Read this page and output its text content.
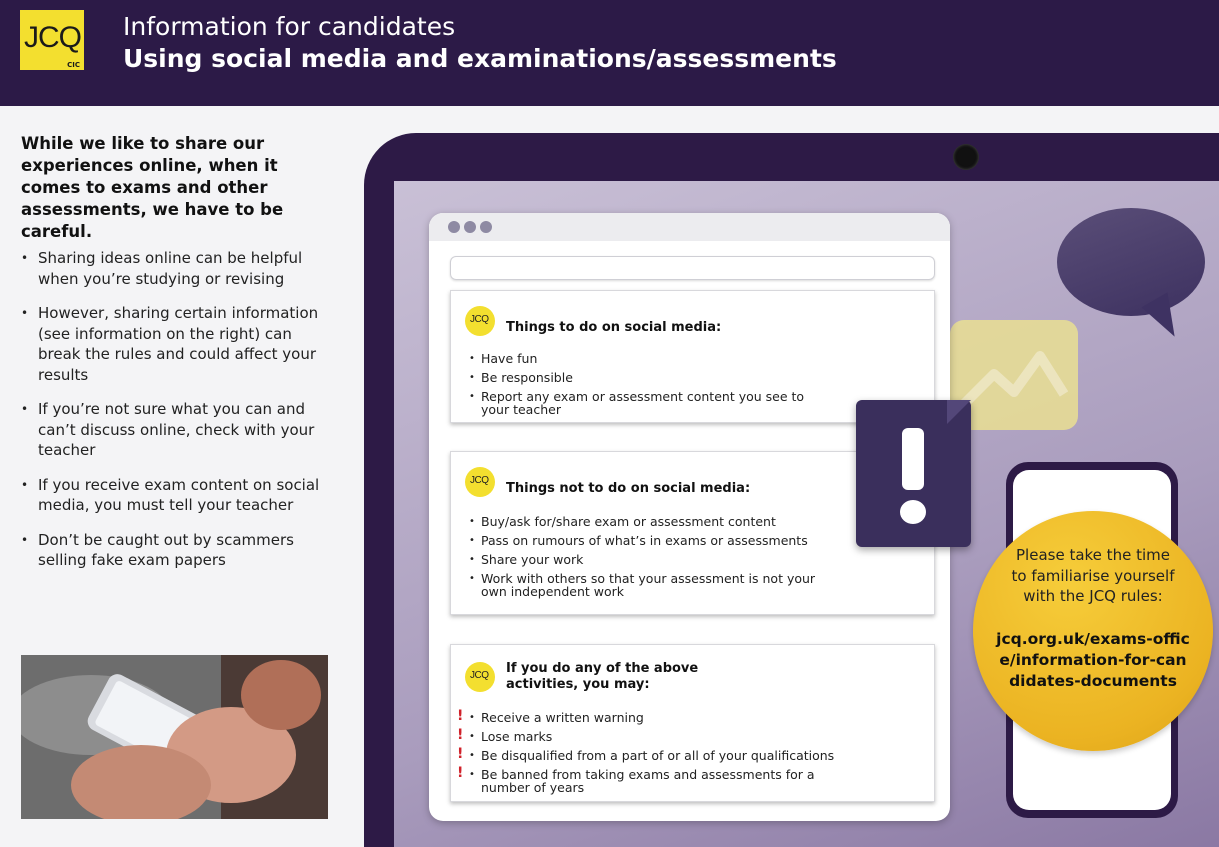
JCQ
CIC
Information for candidates
Using social media and examinations/assessments
While we like to share our experiences online, when it comes to exams and other assessments, we have to be careful.
• Sharing ideas online can be helpful when you’re studying or revising
• However, sharing certain information (see information on the right) can break the rules and could affect your results
• If you’re not sure what you can and can’t discuss online, check with your teacher
• If you receive exam content on social media, you must tell your teacher
• Don’t be caught out by scammers selling fake exam papers
JCQ
Things to do on social media:
• Have fun
• Be responsible
• Report any exam or assessment content you see to your teacher
JCQ
Things not to do on social media:
• Buy/ask for/share exam or assessment content
• Pass on rumours of what’s in exams or assessments
• Share your work
• Work with others so that your assessment is not your own independent work
JCQ If you do any of the above activities, you may:
• ! Receive a written warning
• ! Lose marks
• ! Be disqualified from a part of or all of your qualifications
• ! Be banned from taking exams and assessments for a number of years
Please take the time to familiarise yourself with the JCQ rules:
jcq.org.uk/exams-office/information-for-candidates-documents
